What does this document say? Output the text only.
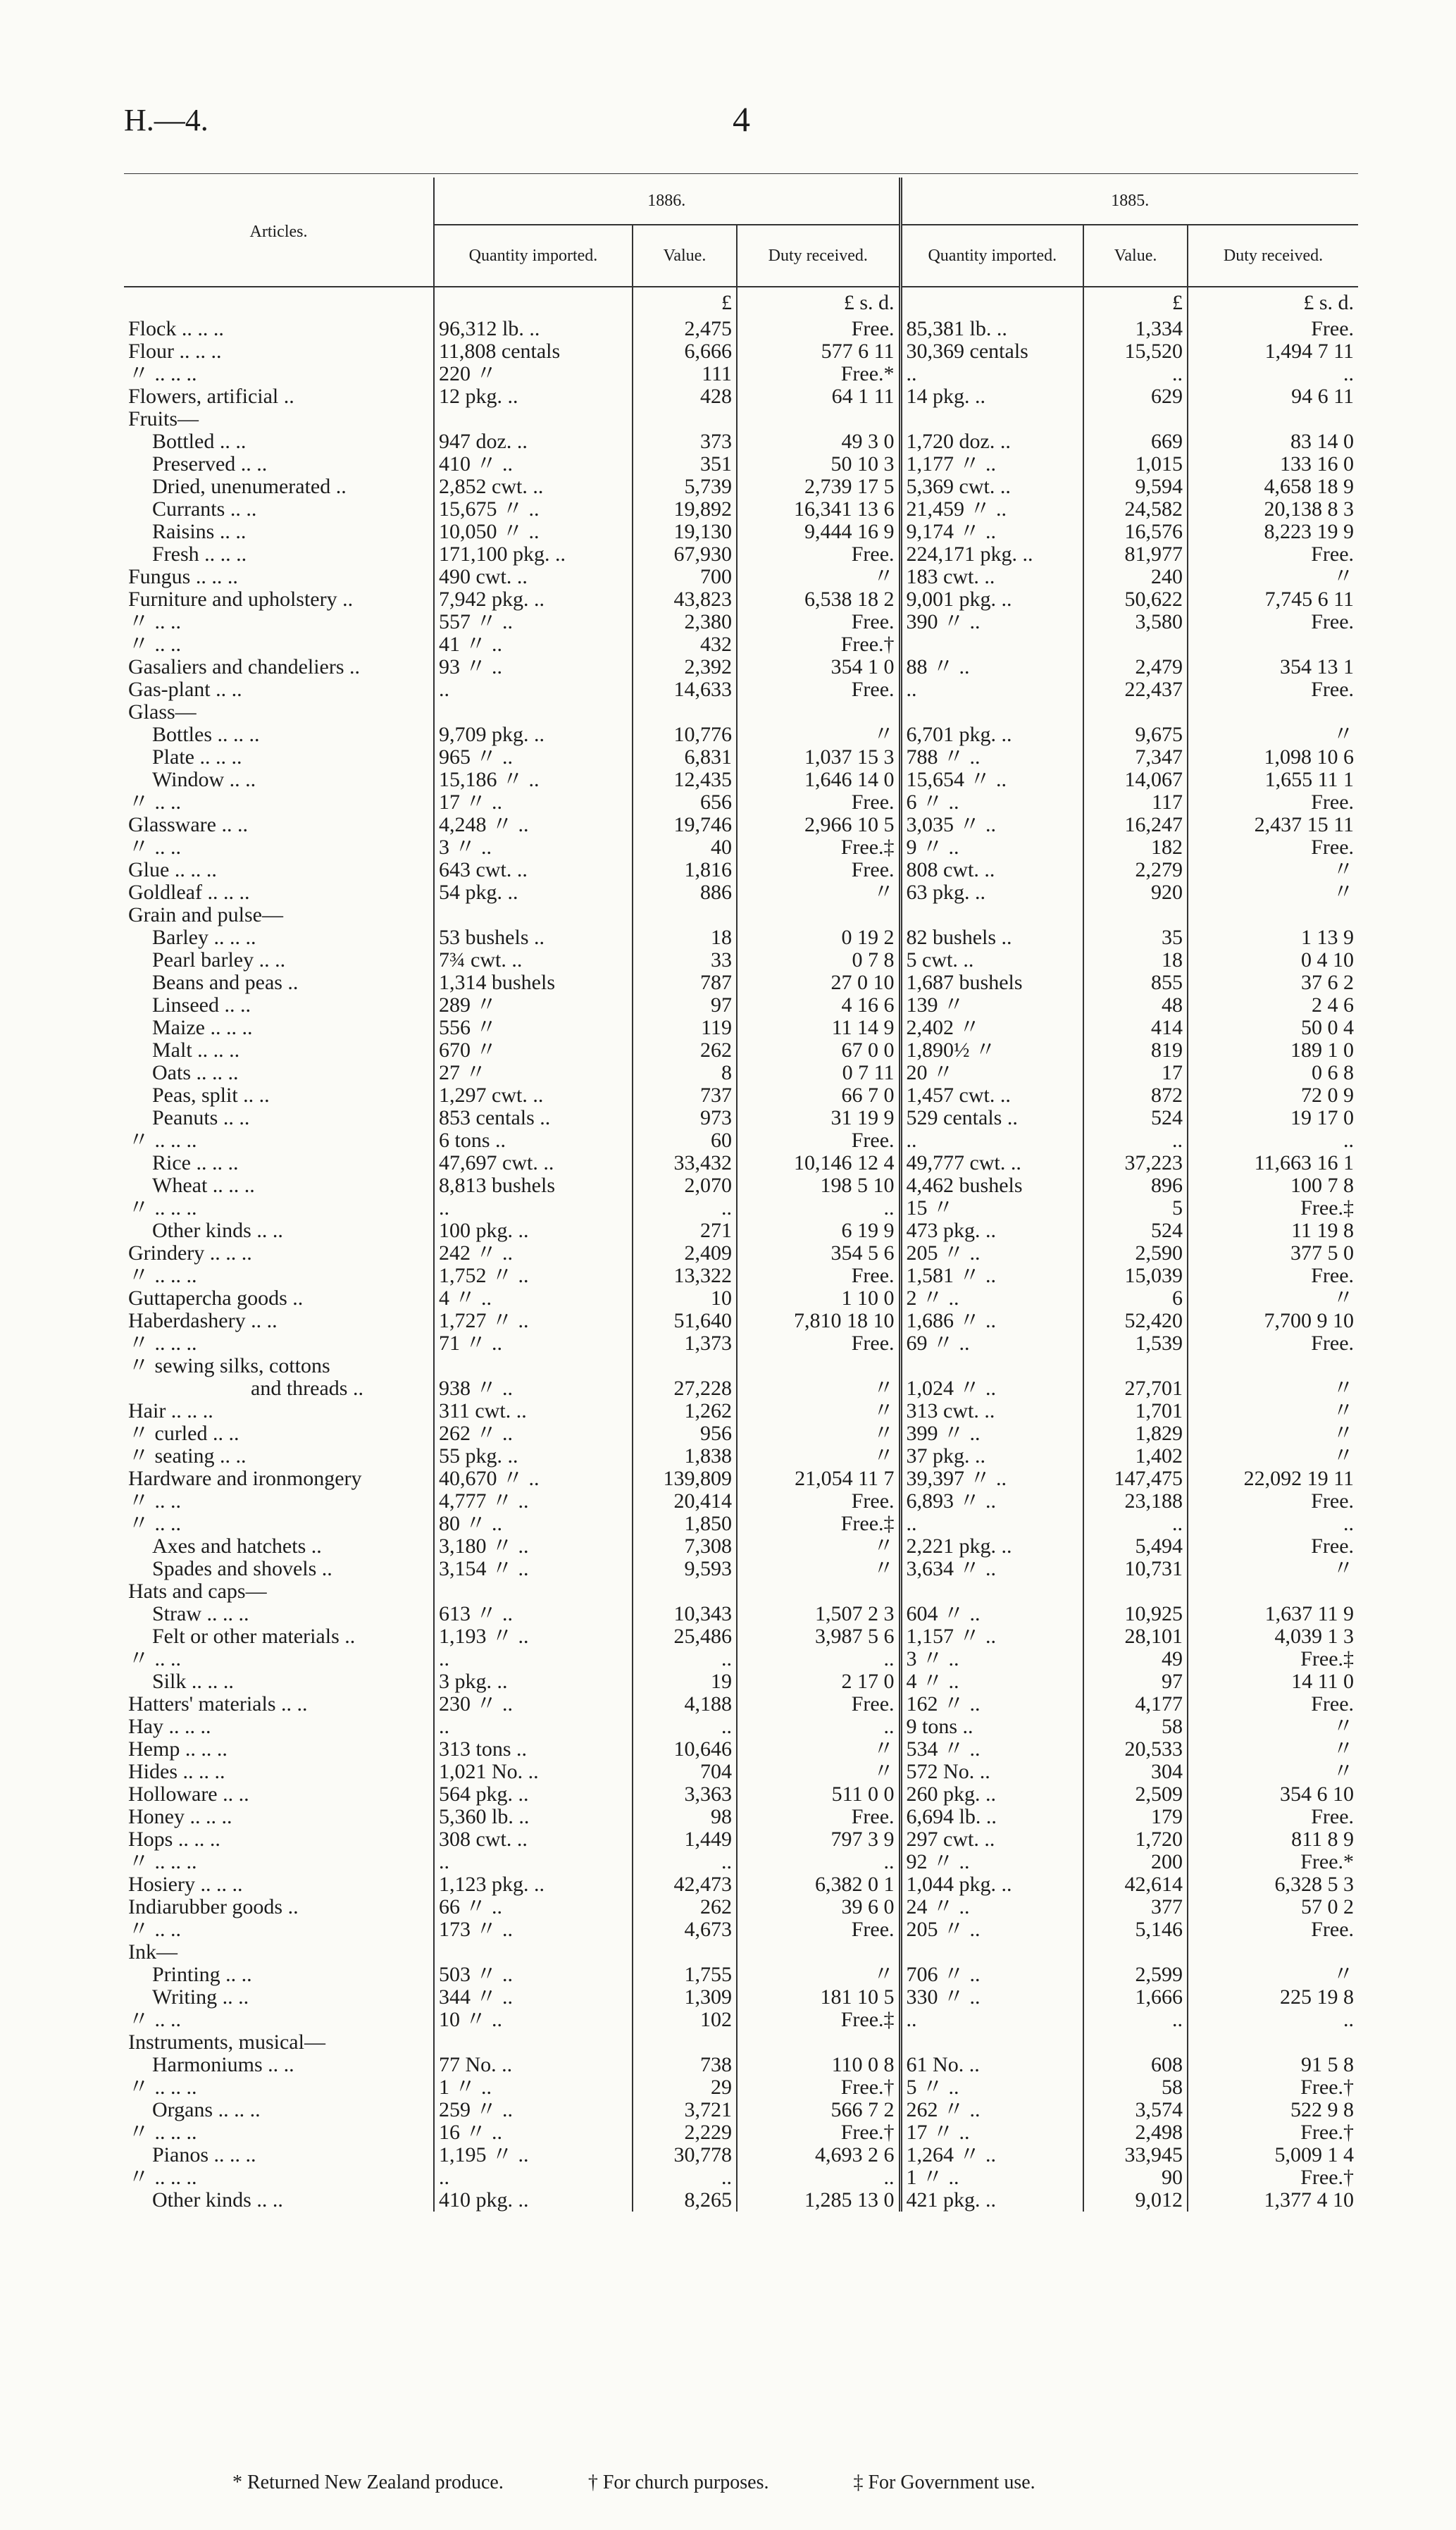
H.—4.	4
Articles.	1886.			1885.		
	Quantity imported.	Value.	Duty received.	Quantity imported.	Value.	Duty received.
		£	£ s. d.		£	£ s. d.
Flock .. .. ..	96,312 lb. ..	2,475	Free.	85,381 lb. ..	1,334	Free.
Flour .. .. ..	11,808 centals	6,666	577 6 11	30,369 centals	15,520	1,494 7 11
〃 .. .. ..	220 〃	111	Free.*	..	..	..
Flowers, artificial ..	12 pkg. ..	428	64 1 11	14 pkg. ..	629	94 6 11
Fruits—						
Bottled .. ..	947 doz. ..	373	49 3 0	1,720 doz. ..	669	83 14 0
Preserved .. ..	410 〃 ..	351	50 10 3	1,177 〃 ..	1,015	133 16 0
Dried, unenumerated ..	2,852 cwt. ..	5,739	2,739 17 5	5,369 cwt. ..	9,594	4,658 18 9
Currants .. ..	15,675 〃 ..	19,892	16,341 13 6	21,459 〃 ..	24,582	20,138 8 3
Raisins .. ..	10,050 〃 ..	19,130	9,444 16 9	9,174 〃 ..	16,576	8,223 19 9
Fresh .. .. ..	171,100 pkg. ..	67,930	Free.	224,171 pkg. ..	81,977	Free.
Fungus .. .. ..	490 cwt. ..	700	〃	183 cwt. ..	240	〃
Furniture and upholstery ..	7,942 pkg. ..	43,823	6,538 18 2	9,001 pkg. ..	50,622	7,745 6 11
〃 .. ..	557 〃 ..	2,380	Free.	390 〃 ..	3,580	Free.
〃 .. ..	41 〃 ..	432	Free.†			
Gasaliers and chandeliers ..	93 〃 ..	2,392	354 1 0	88 〃 ..	2,479	354 13 1
Gas-plant .. ..	..	14,633	Free.	..	22,437	Free.
Glass—						
Bottles .. .. ..	9,709 pkg. ..	10,776	〃	6,701 pkg. ..	9,675	〃
Plate .. .. ..	965 〃 ..	6,831	1,037 15 3	788 〃 ..	7,347	1,098 10 6
Window .. ..	15,186 〃 ..	12,435	1,646 14 0	15,654 〃 ..	14,067	1,655 11 1
〃 .. ..	17 〃 ..	656	Free.	6 〃 ..	117	Free.
Glassware .. ..	4,248 〃 ..	19,746	2,966 10 5	3,035 〃 ..	16,247	2,437 15 11
〃 .. ..	3 〃 ..	40	Free.‡	9 〃 ..	182	Free.
Glue .. .. ..	643 cwt. ..	1,816	Free.	808 cwt. ..	2,279	〃
Goldleaf .. .. ..	54 pkg. ..	886	〃	63 pkg. ..	920	〃
Grain and pulse—						
Barley .. .. ..	53 bushels ..	18	0 19 2	82 bushels ..	35	1 13 9
Pearl barley .. ..	7¾ cwt. ..	33	0 7 8	5 cwt. ..	18	0 4 10
Beans and peas ..	1,314 bushels	787	27 0 10	1,687 bushels	855	37 6 2
Linseed .. ..	289 〃	97	4 16 6	139 〃	48	2 4 6
Maize .. .. ..	556 〃	119	11 14 9	2,402 〃	414	50 0 4
Malt .. .. ..	670 〃	262	67 0 0	1,890½ 〃	819	189 1 0
Oats .. .. ..	27 〃	8	0 7 11	20 〃	17	0 6 8
Peas, split .. ..	1,297 cwt. ..	737	66 7 0	1,457 cwt. ..	872	72 0 9
Peanuts .. ..	853 centals ..	973	31 19 9	529 centals ..	524	19 17 0
〃 .. .. ..	6 tons ..	60	Free.	..	..	..
Rice .. .. ..	47,697 cwt. ..	33,432	10,146 12 4	49,777 cwt. ..	37,223	11,663 16 1
Wheat .. .. ..	8,813 bushels	2,070	198 5 10	4,462 bushels	896	100 7 8
〃 .. .. ..	..	..	..	15 〃	5	Free.‡
Other kinds .. ..	100 pkg. ..	271	6 19 9	473 pkg. ..	524	11 19 8
Grindery .. .. ..	242 〃 ..	2,409	354 5 6	205 〃 ..	2,590	377 5 0
〃 .. .. ..	1,752 〃 ..	13,322	Free.	1,581 〃 ..	15,039	Free.
Guttapercha goods ..	4 〃 ..	10	1 10 0	2 〃 ..	6	〃
Haberdashery .. ..	1,727 〃 ..	51,640	7,810 18 10	1,686 〃 ..	52,420	7,700 9 10
〃 .. .. ..	71 〃 ..	1,373	Free.	69 〃 ..	1,539	Free.
〃 sewing silks, cottons						
and threads ..	938 〃 ..	27,228	〃	1,024 〃 ..	27,701	〃
Hair .. .. ..	311 cwt. ..	1,262	〃	313 cwt. ..	1,701	〃
〃 curled .. ..	262 〃 ..	956	〃	399 〃 ..	1,829	〃
〃 seating .. ..	55 pkg. ..	1,838	〃	37 pkg. ..	1,402	〃
Hardware and ironmongery	40,670 〃 ..	139,809	21,054 11 7	39,397 〃 ..	147,475	22,092 19 11
〃 .. ..	4,777 〃 ..	20,414	Free.	6,893 〃 ..	23,188	Free.
〃 .. ..	80 〃 ..	1,850	Free.‡	..	..	..
Axes and hatchets ..	3,180 〃 ..	7,308	〃	2,221 pkg. ..	5,494	Free.
Spades and shovels ..	3,154 〃 ..	9,593	〃	3,634 〃 ..	10,731	〃
Hats and caps—						
Straw .. .. ..	613 〃 ..	10,343	1,507 2 3	604 〃 ..	10,925	1,637 11 9
Felt or other materials ..	1,193 〃 ..	25,486	3,987 5 6	1,157 〃 ..	28,101	4,039 1 3
〃 .. ..	..	..	..	3 〃 ..	49	Free.‡
Silk .. .. ..	3 pkg. ..	19	2 17 0	4 〃 ..	97	14 11 0
Hatters' materials .. ..	230 〃 ..	4,188	Free.	162 〃 ..	4,177	Free.
Hay .. .. ..	..	..	..	9 tons ..	58	〃
Hemp .. .. ..	313 tons ..	10,646	〃	534 〃 ..	20,533	〃
Hides .. .. ..	1,021 No. ..	704	〃	572 No. ..	304	〃
Holloware .. ..	564 pkg. ..	3,363	511 0 0	260 pkg. ..	2,509	354 6 10
Honey .. .. ..	5,360 lb. ..	98	Free.	6,694 lb. ..	179	Free.
Hops .. .. ..	308 cwt. ..	1,449	797 3 9	297 cwt. ..	1,720	811 8 9
〃 .. .. ..	..	..	..	92 〃 ..	200	Free.*
Hosiery .. .. ..	1,123 pkg. ..	42,473	6,382 0 1	1,044 pkg. ..	42,614	6,328 5 3
Indiarubber goods ..	66 〃 ..	262	39 6 0	24 〃 ..	377	57 0 2
〃 .. ..	173 〃 ..	4,673	Free.	205 〃 ..	5,146	Free.
Ink—						
Printing .. ..	503 〃 ..	1,755	〃	706 〃 ..	2,599	〃
Writing .. ..	344 〃 ..	1,309	181 10 5	330 〃 ..	1,666	225 19 8
〃 .. ..	10 〃 ..	102	Free.‡	..	..	..
Instruments, musical—						
Harmoniums .. ..	77 No. ..	738	110 0 8	61 No. ..	608	91 5 8
〃 .. .. ..	1 〃 ..	29	Free.†	5 〃 ..	58	Free.†
Organs .. .. ..	259 〃 ..	3,721	566 7 2	262 〃 ..	3,574	522 9 8
〃 .. .. ..	16 〃 ..	2,229	Free.†	17 〃 ..	2,498	Free.†
Pianos .. .. ..	1,195 〃 ..	30,778	4,693 2 6	1,264 〃 ..	33,945	5,009 1 4
〃 .. .. ..	..	..	..	1 〃 ..	90	Free.†
Other kinds .. ..	410 pkg. ..	8,265	1,285 13 0	421 pkg. ..	9,012	1,377 4 10
* Returned New Zealand produce.	† For church purposes.	‡ For Government use.
